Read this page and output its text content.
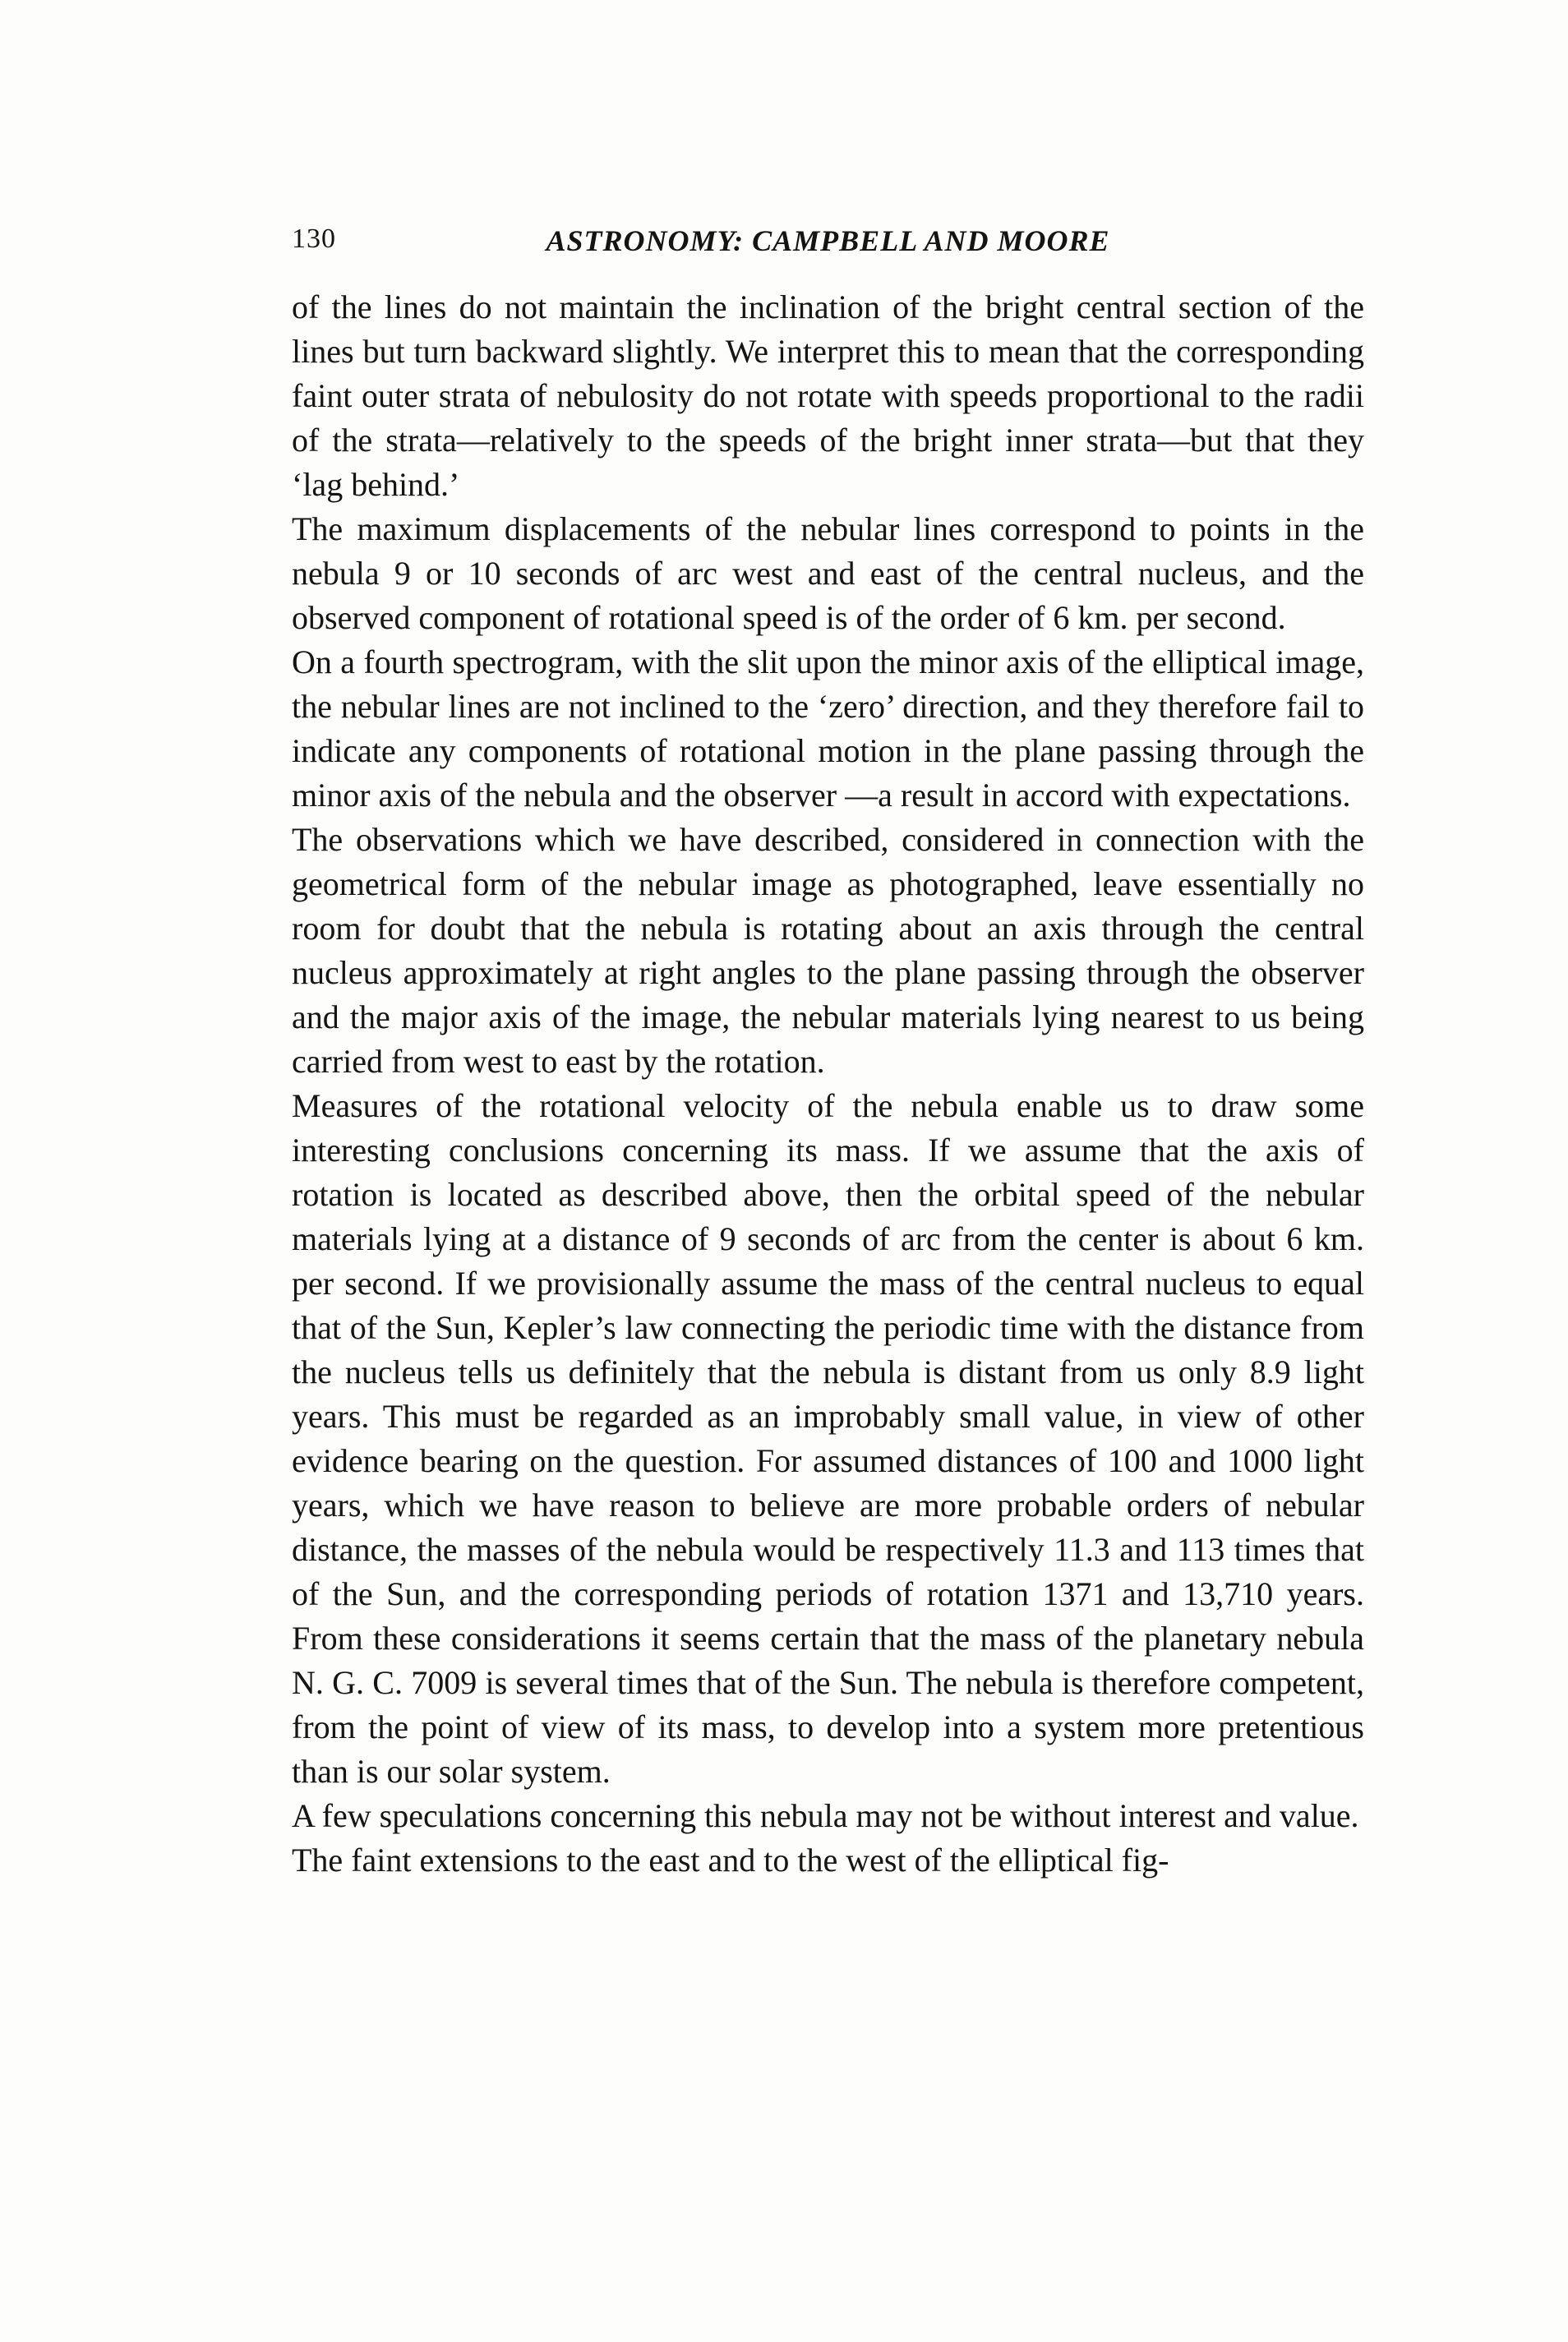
130	ASTRONOMY: CAMPBELL AND MOORE

of the lines do not maintain the inclination of the bright central section of the lines but turn backward slightly. We interpret this to mean that the corresponding faint outer strata of nebulosity do not rotate with speeds proportional to the radii of the strata—relatively to the speeds of the bright inner strata—but that they ‘lag behind.’

The maximum displacements of the nebular lines correspond to points in the nebula 9 or 10 seconds of arc west and east of the central nucleus, and the observed component of rotational speed is of the order of 6 km. per second.

On a fourth spectrogram, with the slit upon the minor axis of the elliptical image, the nebular lines are not inclined to the ‘zero’ direction, and they therefore fail to indicate any components of rotational motion in the plane passing through the minor axis of the nebula and the observer —a result in accord with expectations.

The observations which we have described, considered in connection with the geometrical form of the nebular image as photographed, leave essentially no room for doubt that the nebula is rotating about an axis through the central nucleus approximately at right angles to the plane passing through the observer and the major axis of the image, the nebular materials lying nearest to us being carried from west to east by the rotation.

Measures of the rotational velocity of the nebula enable us to draw some interesting conclusions concerning its mass. If we assume that the axis of rotation is located as described above, then the orbital speed of the nebular materials lying at a distance of 9 seconds of arc from the center is about 6 km. per second. If we provisionally assume the mass of the central nucleus to equal that of the Sun, Kepler’s law connecting the periodic time with the distance from the nucleus tells us definitely that the nebula is distant from us only 8.9 light years. This must be regarded as an improbably small value, in view of other evidence bearing on the question. For assumed distances of 100 and 1000 light years, which we have reason to believe are more probable orders of nebular distance, the masses of the nebula would be respectively 11.3 and 113 times that of the Sun, and the corresponding periods of rotation 1371 and 13,710 years. From these considerations it seems certain that the mass of the planetary nebula N. G. C. 7009 is several times that of the Sun. The nebula is therefore competent, from the point of view of its mass, to develop into a system more pretentious than is our solar system.

A few speculations concerning this nebula may not be without interest and value.

The faint extensions to the east and to the west of the elliptical fig-
